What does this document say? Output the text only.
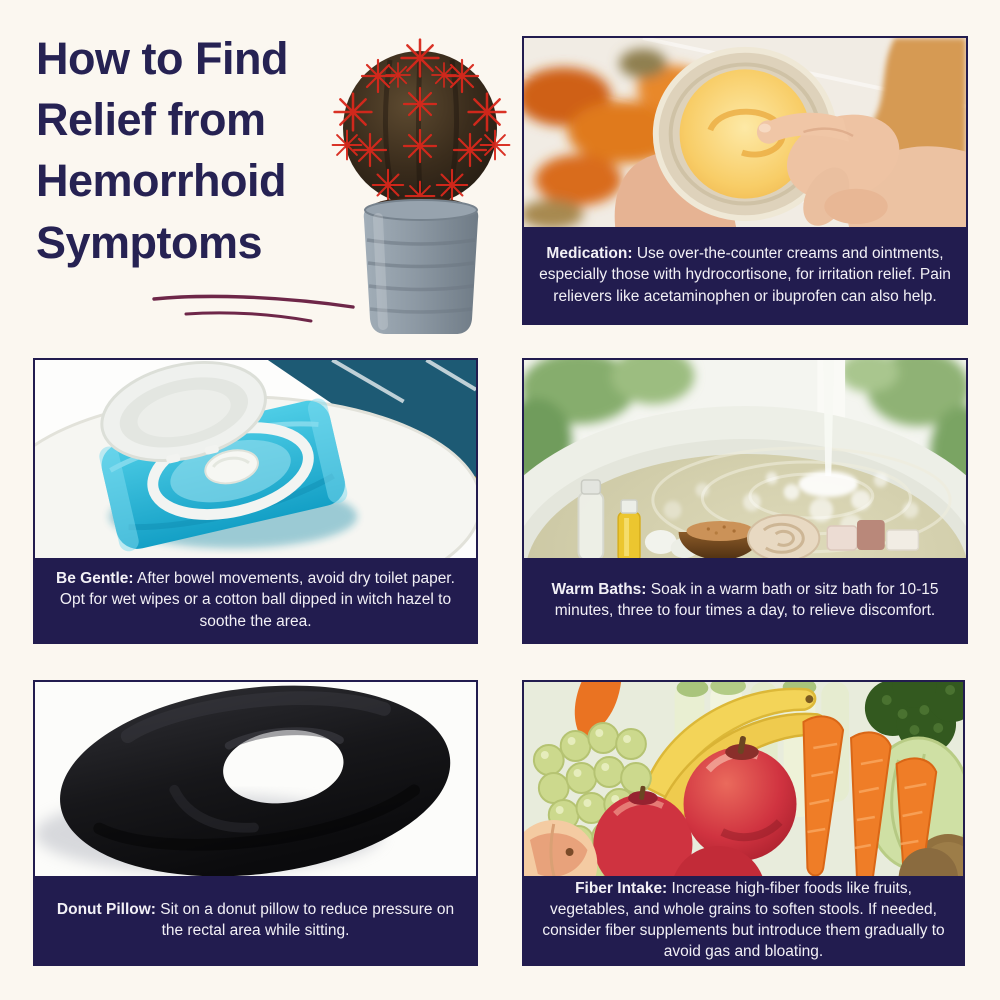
How to Find
Relief from
Hemorrhoid
Symptoms	Medication: Use over-the-counter creams and ointments, especially those with hydrocortisone, for irritation relief. Pain relievers like acetaminophen or ibuprofen can also help.
Be Gentle: After bowel movements, avoid dry toilet paper. Opt for wet wipes or a cotton ball dipped in witch hazel to soothe the area.
Warm Baths: Soak in a warm bath or sitz bath for 10-15 minutes, three to four times a day, to relieve discomfort.
Donut Pillow: Sit on a donut pillow to reduce pressure on the rectal area while sitting.
Fiber Intake: Increase high-fiber foods like fruits, vegetables, and whole grains to soften stools. If needed, consider fiber supplements but introduce them gradually to avoid gas and bloating.
